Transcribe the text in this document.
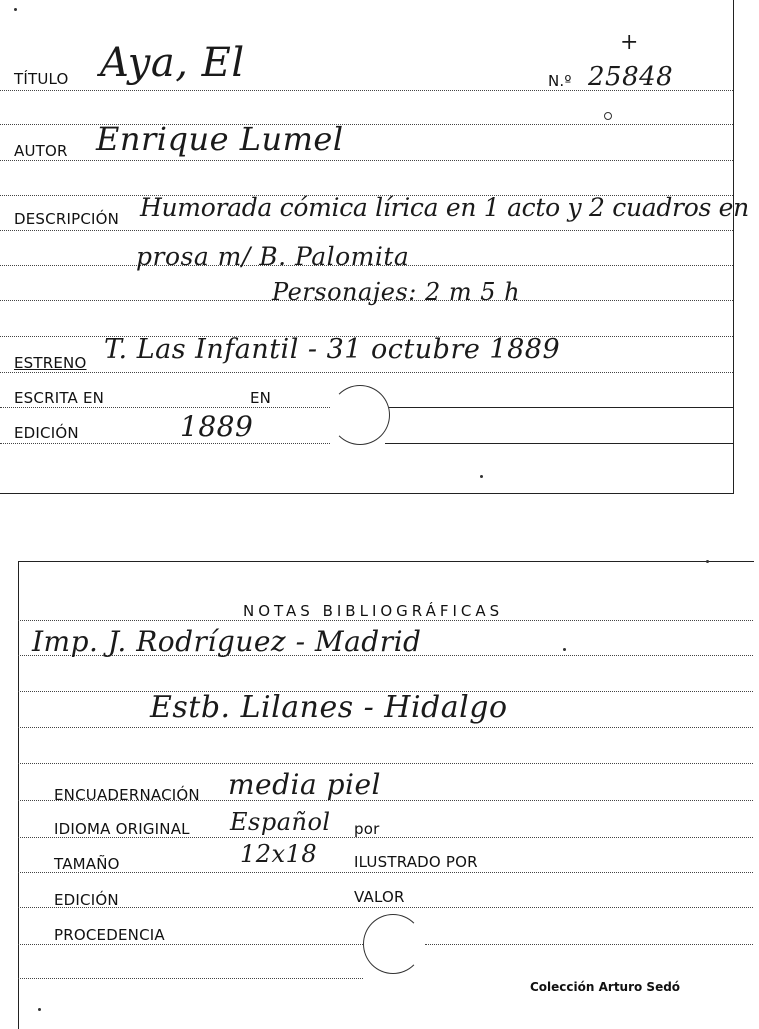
TÍTULO Aya, El	N.º 25848
+
AUTOR Enrique Lumel
DESCRIPCIÓN Humorada cómica lírica en 1 acto y 2 cuadros en
prosa m/ B. Palomita
Personajes: 2 m 5 h
ESTRENO T. Las Infantil - 31 octubre 1889
ESCRITA EN	EN
EDICIÓN	1889
NOTAS BIBLIOGRÁFICAS
Imp. J. Rodríguez - Madrid
Estb. Lilanes - Hidalgo
ENCUADERNACIÓN media piel
IDIOMA ORIGINAL Español por
TAMAÑO	12x18 ILUSTRADO POR
EDICIÓN	VALOR
PROCEDENCIA
Colección Arturo Sedó
